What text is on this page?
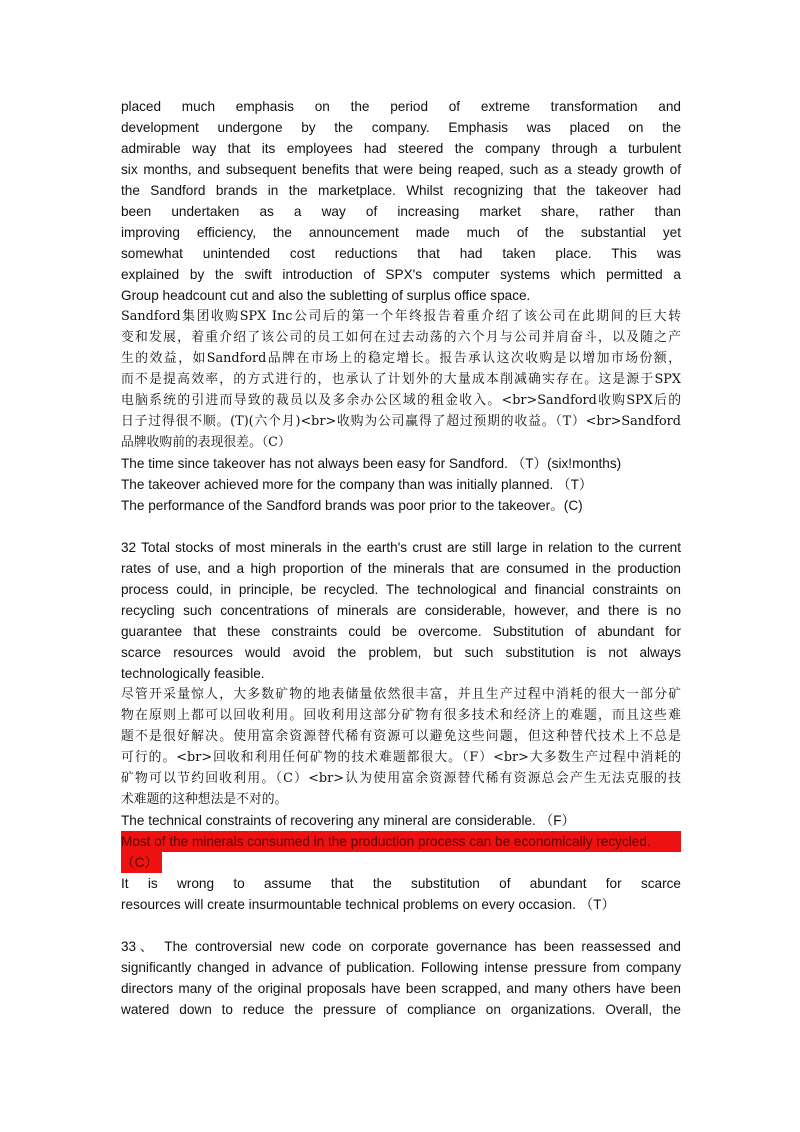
placed much emphasis on the period of extreme transformation and
development undergone by the company. Emphasis was placed on the
admirable way that its employees had steered the company through a turbulent
six months, and subsequent benefits that were being reaped, such as a steady growth of
the Sandford brands in the marketplace. Whilst recognizing that the takeover had
been undertaken as a way of increasing market share, rather than
improving efficiency, the announcement made much of the substantial yet
somewhat unintended cost reductions that had taken place. This was
explained by the swift introduction of SPX's computer systems which permitted a
Group headcount cut and also the subletting of surplus office space.
Sandford集团收购SPX Inc公司后的第一个年终报告着重介绍了该公司在此期间的巨大转
变和发展，着重介绍了该公司的员工如何在过去动荡的六个月与公司并肩奋斗，以及随之产
生的效益，如Sandford品牌在市场上的稳定增长。报告承认这次收购是以增加市场份额，
而不是提高效率，的方式进行的，也承认了计划外的大量成本削减确实存在。这是源于SPX
电脑系统的引进而导致的裁员以及多余办公区域的租金收入。<br>Sandford收购SPX后的
日子过得很不顺。(T)(六个月)<br>收购为公司赢得了超过预期的收益。（T）<br>Sandford
品牌收购前的表现很差。（C）
The time since takeover has not always been easy for Sandford. （T）(six!months)
The takeover achieved more for the company than was initially planned. （T）
The performance of the Sandford brands was poor prior to the takeover。(C)
32 Total stocks of most minerals in the earth's crust are still large in relation to the current
rates of use, and a high proportion of the minerals that are consumed in the production
process could, in principle, be recycled. The technological and financial constraints on
recycling such concentrations of minerals are considerable, however, and there is no
guarantee that these constraints could be overcome. Substitution of abundant for
scarce resources would avoid the problem, but such substitution is not always
technologically feasible.
尽管开采量惊人，大多数矿物的地表储量依然很丰富，并且生产过程中消耗的很大一部分矿
物在原则上都可以回收利用。回收利用这部分矿物有很多技术和经济上的难题，而且这些难
题不是很好解决。使用富余资源替代稀有资源可以避免这些问题，但这种替代技术上不总是
可行的。<br>回收和利用任何矿物的技术难题都很大。（F）<br>大多数生产过程中消耗的
矿物可以节约回收利用。（C）<br>认为使用富余资源替代稀有资源总会产生无法克服的技
术难题的这种想法是不对的。
The technical constraints of recovering any mineral are considerable. （F）
Most of the minerals consumed in the production process can be economically recycled.
（C）
It is wrong to assume that the substitution of abundant for scarce
resources will create insurmountable technical problems on every occasion. （T）
33、 The controversial new code on corporate governance has been reassessed and
significantly changed in advance of publication. Following intense pressure from company
directors many of the original proposals have been scrapped, and many others have been
watered down to reduce the pressure of compliance on organizations. Overall, the
